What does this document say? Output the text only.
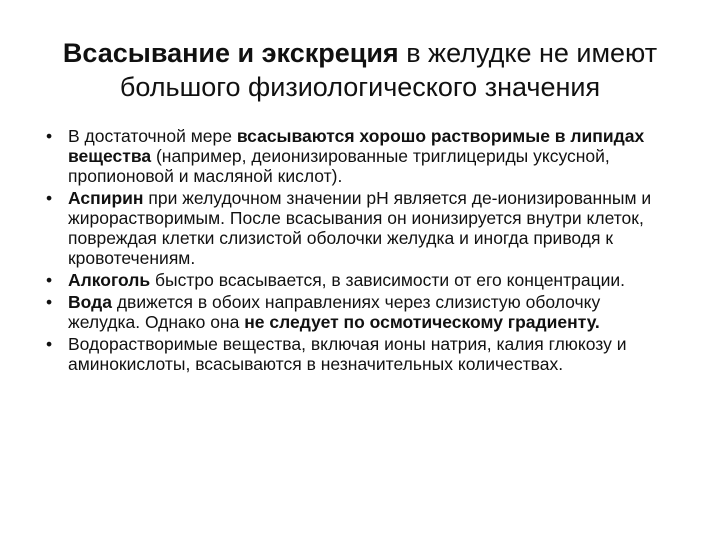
Всасывание и экскреция в желудке не имеют
большого физиологического значения
• В достаточной мере всасываются хорошо растворимые в липидах вещества (например, деионизированные триглицериды уксусной, пропионовой и масляной кислот).
• Аспирин при желудочном значении pH является де-ионизированным и жирорастворимым. После всасывания он ионизируется внутри клеток, повреждая клетки слизистой оболочки желудка и иногда приводя к кровотечениям.
• Алкоголь быстро всасывается, в зависимости от его концентрации.
• Вода движется в обоих направлениях через слизистую оболочку желудка. Однако она не следует по осмотическому градиенту.
• Водорастворимые вещества, включая ионы натрия, калия глюкозу и аминокислоты, всасываются в незначительных количествах.
